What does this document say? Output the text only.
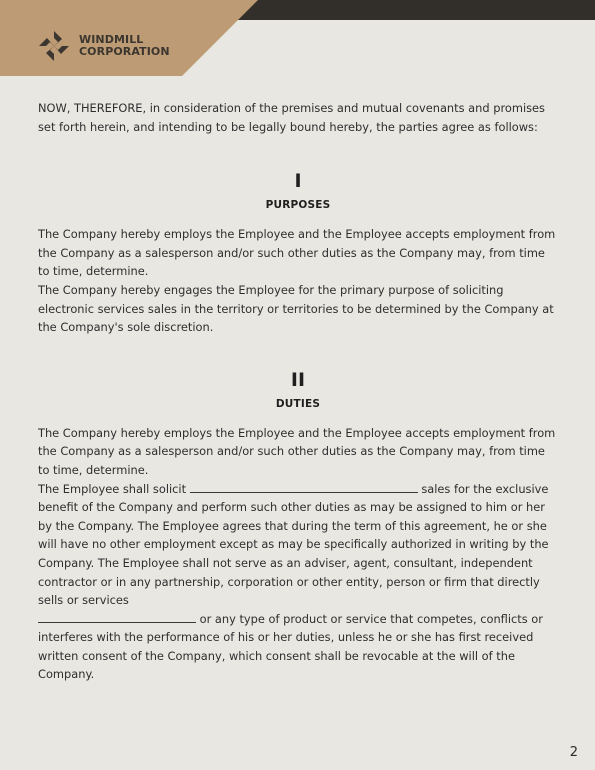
WINDMILL
CORPORATION

NOW, THEREFORE, in consideration of the premises and mutual covenants and promises set forth herein, and intending to be legally bound hereby, the parties agree as follows:

I

PURPOSES

The Company hereby employs the Employee and the Employee accepts employment from the Company as a salesperson and/or such other duties as the Company may, from time to time, determine.

The Company hereby engages the Employee for the primary purpose of soliciting electronic services sales in the territory or territories to be determined by the Company at the Company's sole discretion.

II

DUTIES

The Company hereby employs the Employee and the Employee accepts employment from the Company as a salesperson and/or such other duties as the Company may, from time to time, determine.

The Employee shall solicit	sales for the exclusive benefit of the Company and perform such other duties as may be assigned to him or her by the Company. The Employee agrees that during the term of this agreement, he or she will have no other employment except as may be specifically authorized in writing by the Company. The Employee shall not serve as an adviser, agent, consultant, independent contractor or in any partnership, corporation or other entity, person or firm that directly sells or services
or any type of product or service that competes, conflicts or interferes with the performance of his or her duties, unless he or she has first received written consent of the Company, which consent shall be revocable at the will of the Company.

2
